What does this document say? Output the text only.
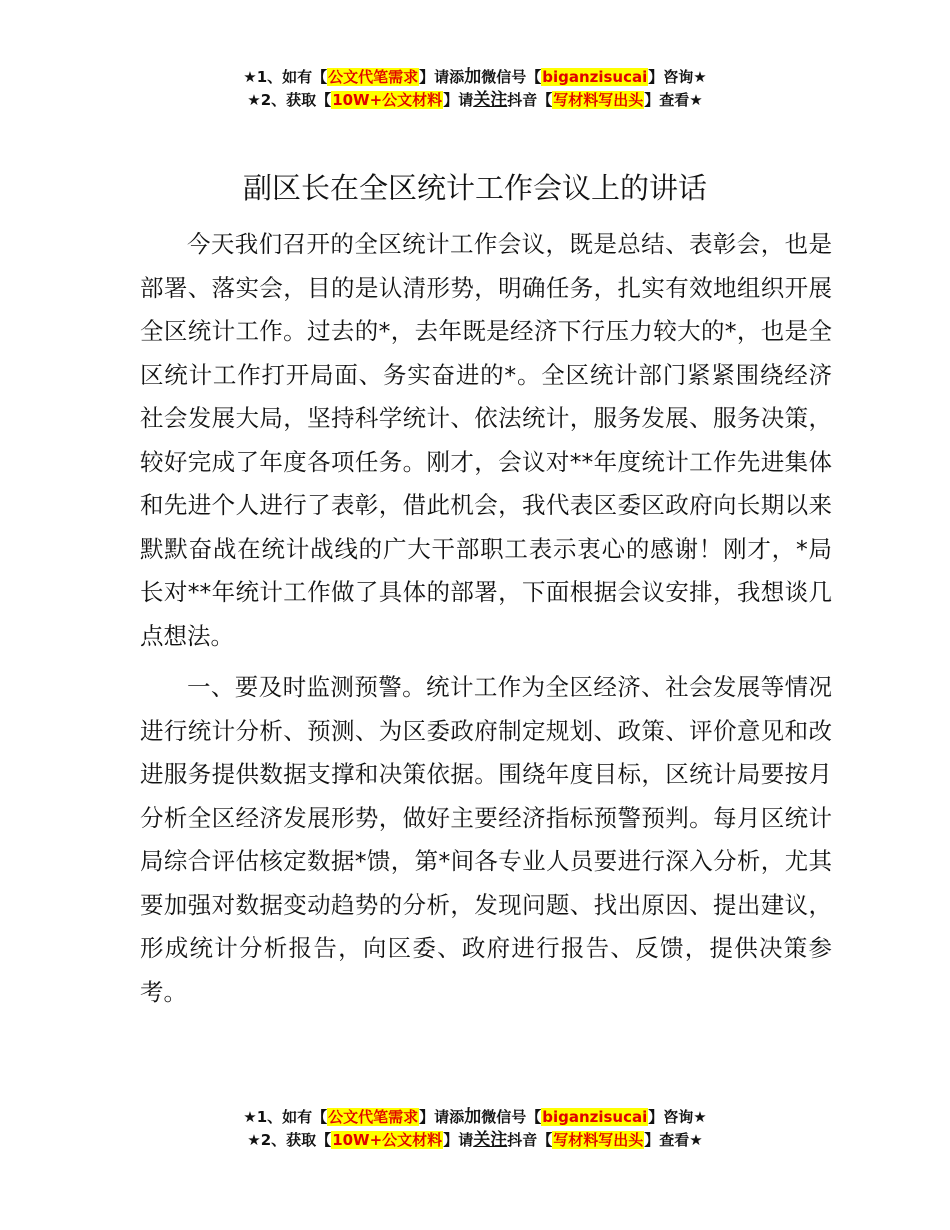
★1、如有【公文代笔需求】请添加微信号【biganzisucai】咨询★
★2、获取【10W+公文材料】请关注抖音【写材料写出头】查看★
副区长在全区统计工作会议上的讲话

今天我们召开的全区统计工作会议，既是总结、表彰会，也是部署、落实会，目的是认清形势，明确任务，扎实有效地组织开展全区统计工作。过去的*，去年既是经济下行压力较大的*，也是全区统计工作打开局面、务实奋进的*。全区统计部门紧紧围绕经济社会发展大局，坚持科学统计、依法统计，服务发展、服务决策，较好完成了年度各项任务。刚才，会议对**年度统计工作先进集体和先进个人进行了表彰，借此机会，我代表区委区政府向长期以来默默奋战在统计战线的广大干部职工表示衷心的感谢！刚才，*局长对**年统计工作做了具体的部署，下面根据会议安排，我想谈几点想法。

一、要及时监测预警。统计工作为全区经济、社会发展等情况进行统计分析、预测、为区委政府制定规划、政策、评价意见和改进服务提供数据支撑和决策依据。围绕年度目标，区统计局要按月分析全区经济发展形势，做好主要经济指标预警预判。每月区统计局综合评估核定数据*馈，第*间各专业人员要进行深入分析，尤其要加强对数据变动趋势的分析，发现问题、找出原因、提出建议，形成统计分析报告，向区委、政府进行报告、反馈，提供决策参考。

★1、如有【公文代笔需求】请添加微信号【biganzisucai】咨询★
★2、获取【10W+公文材料】请关注抖音【写材料写出头】查看★
